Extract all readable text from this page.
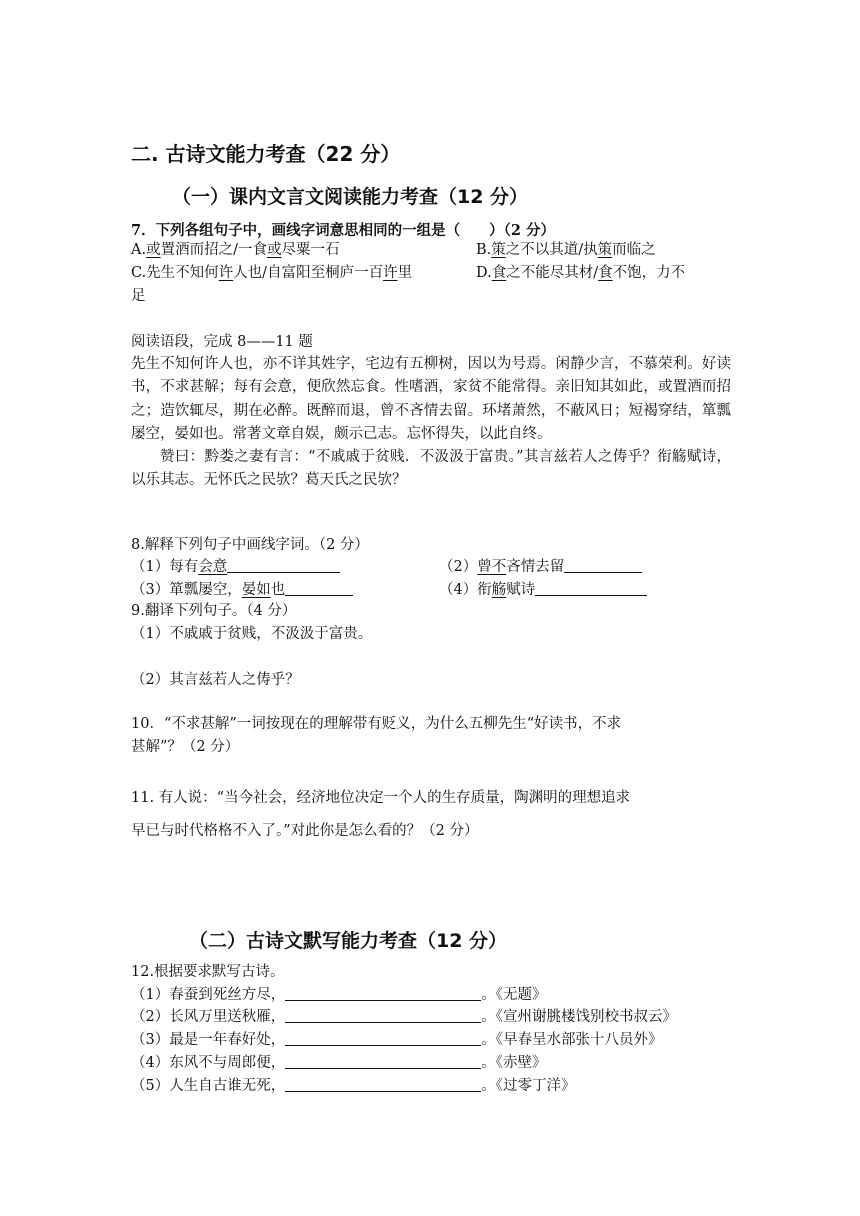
二. 古诗文能力考查（22 分）
（一）课内文言文阅读能力考查（12 分）
7．下列各组句子中，画线字词意思相同的一组是（　　）（2 分）
A.或置酒而招之/一食或尽粟一石	B.策之不以其道/执策而临之
C.先生不知何许人也/自富阳至桐庐一百许里	D.食之不能尽其材/食不饱，力不
足
阅读语段，完成 8——11 题
先生不知何许人也，亦不详其姓字，宅边有五柳树，因以为号焉。闲静少言，不慕荣利。好读书，不求甚解；每有会意，便欣然忘食。性嗜酒，家贫不能常得。亲旧知其如此，或置酒而招之；造饮辄尽，期在必醉。既醉而退，曾不吝情去留。环堵萧然，不蔽风日；短褐穿结，箪瓢屡空，晏如也。常著文章自娱，颇示己志。忘怀得失，以此自终。
赞曰：黔娄之妻有言：“不戚戚于贫贱．不汲汲于富贵。”其言兹若人之俦乎？衔觞赋诗，以乐其志。无怀氏之民欤？葛天氏之民欤？
8.解释下列句子中画线字词。（2 分）
（1）每有会意	（2）曾不吝情去留
（3）箪瓢屡空，晏如也	（4）衔觞赋诗
9.翻译下列句子。（4 分）
（1）不戚戚于贫贱，不汲汲于富贵。
（2）其言兹若人之俦乎？
10．“不求甚解”一词按现在的理解带有贬义，为什么五柳先生“好读书，不求
甚解”？（2 分）
11. 有人说：“当今社会，经济地位决定一个人的生存质量，陶渊明的理想追求
早已与时代格格不入了。”对此你是怎么看的？（2 分）
（二）古诗文默写能力考查（12 分）
12.根据要求默写古诗。
（1）春蚕到死丝方尽，	。《无题》
（2）长风万里送秋雁，	。《宣州谢朓楼饯别校书叔云》
（3）最是一年春好处，	。《早春呈水部张十八员外》
（4）东风不与周郎便，	。《赤壁》
（5）人生自古谁无死，	。《过零丁洋》
